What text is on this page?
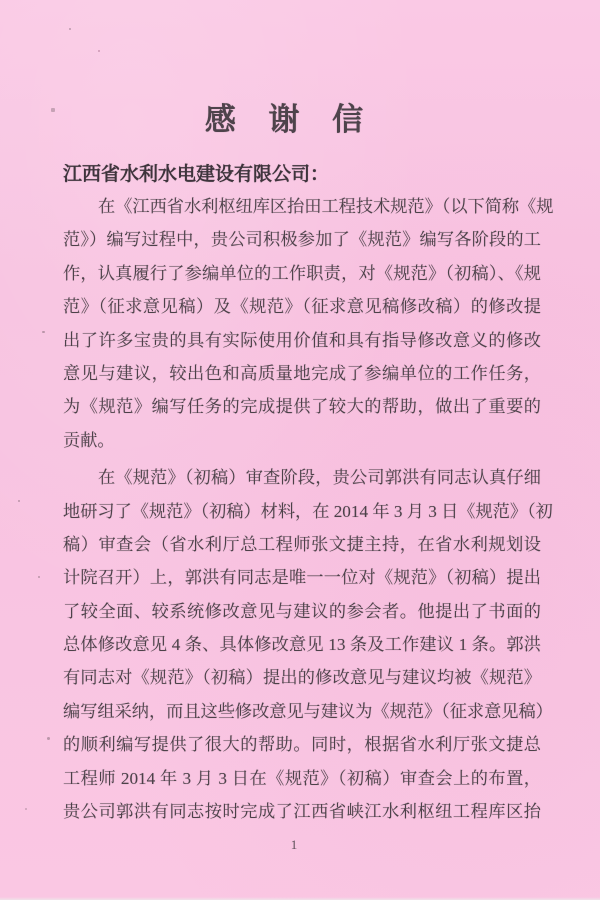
感 谢 信
江西省水利水电建设有限公司：
在《江西省水利枢纽库区抬田工程技术规范》（以下简称《规
范》）编写过程中，贵公司积极参加了《规范》编写各阶段的工
作，认真履行了参编单位的工作职责，对《规范》（初稿）、《规
范》（征求意见稿）及《规范》（征求意见稿修改稿）的修改提
出了许多宝贵的具有实际使用价值和具有指导修改意义的修改
意见与建议，较出色和高质量地完成了参编单位的工作任务，
为《规范》编写任务的完成提供了较大的帮助，做出了重要的
贡献。
在《规范》（初稿）审查阶段，贵公司郭洪有同志认真仔细
地研习了《规范》（初稿）材料，在 2014 年 3 月 3 日《规范》（初
稿）审查会（省水利厅总工程师张文捷主持，在省水利规划设
计院召开）上，郭洪有同志是唯一一位对《规范》（初稿）提出
了较全面、较系统修改意见与建议的参会者。他提出了书面的
总体修改意见 4 条、具体修改意见 13 条及工作建议 1 条。郭洪
有同志对《规范》（初稿）提出的修改意见与建议均被《规范》
编写组采纳，而且这些修改意见与建议为《规范》（征求意见稿）
的顺利编写提供了很大的帮助。同时，根据省水利厅张文捷总
工程师 2014 年 3 月 3 日在《规范》（初稿）审查会上的布置，
贵公司郭洪有同志按时完成了江西省峡江水利枢纽工程库区抬
1
